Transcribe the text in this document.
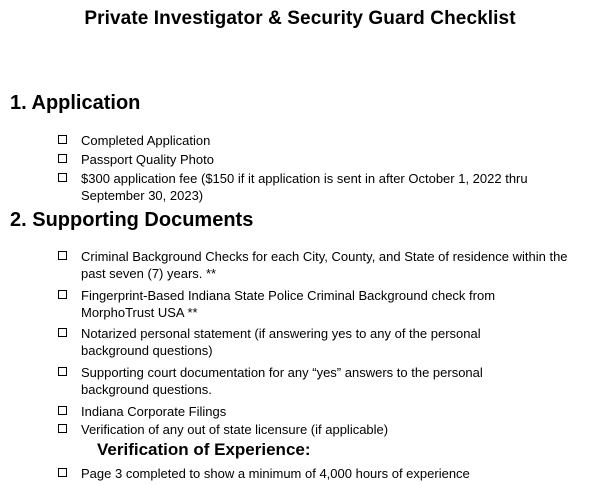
Private Investigator & Security Guard Checklist
1. Application
Completed Application
Passport Quality Photo
$300 application fee ($150 if it application is sent in after October 1, 2022 thru September 30, 2023)
2. Supporting Documents
Criminal Background Checks for each City, County, and State of residence within the past seven (7) years. **
Fingerprint-Based Indiana State Police Criminal Background check from MorphoTrust USA **
Notarized personal statement (if answering yes to any of the personal background questions)
Supporting court documentation for any “yes” answers to the personal background questions.
Indiana Corporate Filings
Verification of any out of state licensure (if applicable)
Verification of Experience:
Page 3 completed to show a minimum of 4,000 hours of experience
